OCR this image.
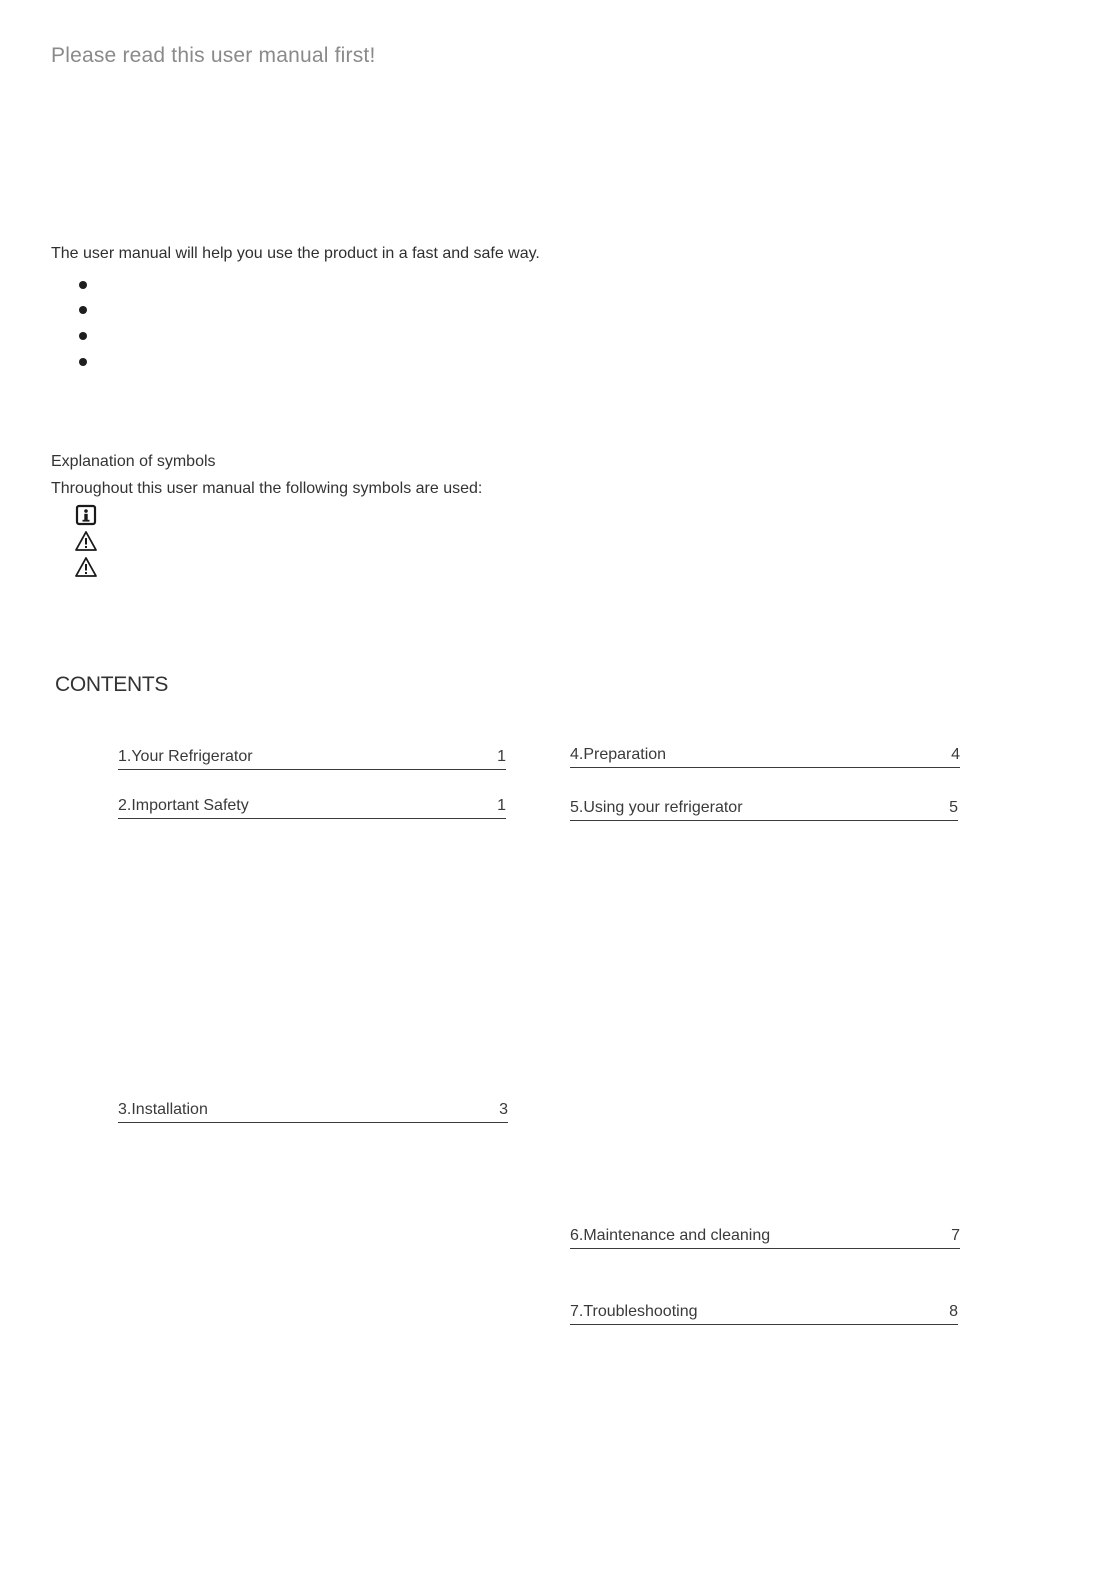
Please read this user manual first!
The user manual will help you use the product in a fast and safe way.
Explanation of symbols
Throughout this user manual the following symbols are used:
CONTENTS
1.Your Refrigerator	1
2.Important Safety	1
3.Installation	3
4.Preparation	4
5.Using your refrigerator	5
6.Maintenance and cleaning	7
7.Troubleshooting	8
